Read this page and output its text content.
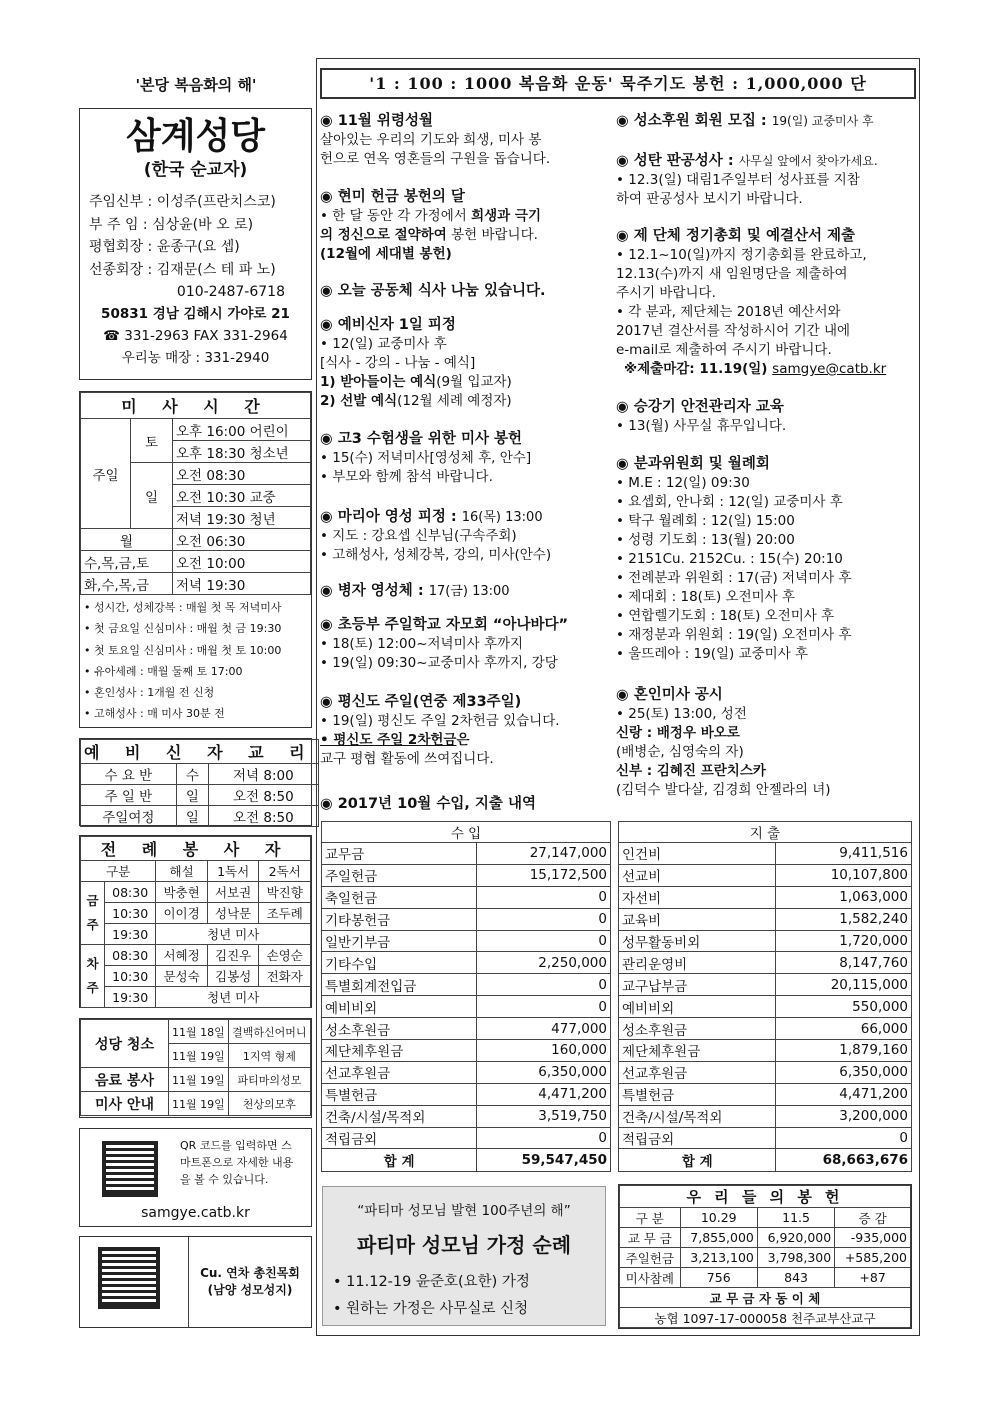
'본당 복음화의 해'
삼계성당
(한국 순교자)
주임신부 : 이성주(프란치스코)
부 주 임 : 심상윤(바 오 로)
평협회장 : 윤종구(요 셉)
선종회장 : 김재문(스 테 파 노)
010-2487-6718
50831 경남 김해시 가야로 21
☎ 331-2963 FAX 331-2964
우리농 매장 : 331-2940
미 사 시 간		
주일	토	오후 16:00 어린이
		오후 18:30 청소년
	일	오전 08:30
		오전 10:30 교중
		저녁 19:30 청년
월		오전 06:30
수,목,금,토		오전 10:00
화,수,목,금		저녁 19:30
• 성시간, 성체강복 : 매월 첫 목 저녁미사
• 첫 금요일 신심미사 : 매월 첫 금 19:30
• 첫 토요일 신심미사 : 매월 첫 토 10:00
• 유아세례 : 매월 둘째 토 17:00
• 혼인성사 : 1개월 전 신청
• 고해성사 : 매 미사 30분 전
예 비 신 자 교 리		
수 요 반	수	저녁 8:00
주 일 반	일	오전 8:50
주일여정	일	오전 8:50
전 례 봉 사 자				
구분		해설	1독서	2독서
금주	08:30	박충현	서보권	박진향
	10:30	이이경	성낙문	조두례
	19:30	청년 미사		
차주	08:30	서혜정	김진우	손영순
	10:30	문성숙	김봉성	전화자
	19:30	청년 미사		
성당 청소	11월 18일	결백하신어머니
	11월 19일	1지역 형제
음료 봉사	11월 19일	파티마의성모
미사 안내	11월 19일	천상의모후
QR 코드를 입력하면 스마트폰으로 자세한 내용을 볼 수 있습니다.
samgye.catb.kr
Cu. 연차 총친목회 (남양 성모성지)
'1 : 100 : 1000 복음화 운동' 묵주기도 봉헌 : 1,000,000 단
◉ 11월 위령성월
살아있는 우리의 기도와 희생, 미사 봉
헌으로 연옥 영혼들의 구원을 돕습니다.
◉ 현미 헌금 봉헌의 달
• 한 달 동안 각 가정에서 희생과 극기
의 정신으로 절약하여 봉헌 바랍니다.
(12월에 세대별 봉헌)
◉ 오늘 공동체 식사 나눔 있습니다.
◉ 예비신자 1일 피정
• 12(일) 교중미사 후
[식사 - 강의 - 나눔 - 예식]
1) 받아들이는 예식(9월 입교자)
2) 선발 예식(12월 세례 예정자)
◉ 고3 수험생을 위한 미사 봉헌
• 15(수) 저녁미사[영성체 후, 안수]
• 부모와 함께 참석 바랍니다.
◉ 마리아 영성 피정 : 16(목) 13:00
• 지도 : 강요셉 신부님(구속주회)
• 고해성사, 성체강복, 강의, 미사(안수)
◉ 병자 영성체 : 17(금) 13:00
◉ 초등부 주일학교 자모회 “아나바다”
• 18(토) 12:00~저녁미사 후까지
• 19(일) 09:30~교중미사 후까지, 강당
◉ 평신도 주일(연중 제33주일)
• 19(일) 평신도 주일 2차헌금 있습니다.
• 평신도 주일 2차헌금은
교구 평협 활동에 쓰여집니다.
◉ 2017년 10월 수입, 지출 내역
◉ 성소후원 회원 모집 : 19(일) 교중미사 후
◉ 성탄 판공성사 : 사무실 앞에서 찾아가세요.
• 12.3(일) 대림1주일부터 성사표를 지참
하여 판공성사 보시기 바랍니다.
◉ 제 단체 정기총회 및 예결산서 제출
• 12.1~10(일)까지 정기총회를 완료하고,
12.13(수)까지 새 임원명단을 제출하여
주시기 바랍니다.
• 각 분과, 제단체는 2018년 예산서와
2017년 결산서를 작성하시어 기간 내에
e-mail로 제출하여 주시기 바랍니다.
※제출마감: 11.19(일) samgye@catb.kr
◉ 승강기 안전관리자 교육
• 13(월) 사무실 휴무입니다.
◉ 분과위원회 및 월례회
• M.E : 12(일) 09:30
• 요셉회, 안나회 : 12(일) 교중미사 후
• 탁구 월례회 : 12(일) 15:00
• 성령 기도회 : 13(월) 20:00
• 2151Cu. 2152Cu. : 15(수) 20:10
• 전례분과 위원회 : 17(금) 저녁미사 후
• 제대회 : 18(토) 오전미사 후
• 연합렐기도회 : 18(토) 오전미사 후
• 재정분과 위원회 : 19(일) 오전미사 후
• 울뜨레아 : 19(일) 교중미사 후
◉ 혼인미사 공시
• 25(토) 13:00, 성전
신랑 : 배정우 바오로
(배병순, 심영숙의 자)
신부 : 김혜진 프란치스카
(김덕수 발다살, 김경희 안젤라의 녀)
수 입	
교무금	27,147,000
주일헌금	15,172,500
축일헌금	0
기타봉헌금	0
일반기부금	0
기타수입	2,250,000
특별회계전입금	0
예비비외	0
성소후원금	477,000
제단체후원금	160,000
선교후원금	6,350,000
특별헌금	4,471,200
건축/시설/목적외	3,519,750
적립금외	0
합 계	59,547,450
지 출	
인건비	9,411,516
선교비	10,107,800
자선비	1,063,000
교육비	1,582,240
성무활동비외	1,720,000
관리운영비	8,147,760
교구납부금	20,115,000
예비비외	550,000
성소후원금	66,000
제단체후원금	1,879,160
선교후원금	6,350,000
특별헌금	4,471,200
건축/시설/목적외	3,200,000
적립금외	0
합 계	68,663,676
“파티마 성모님 발현 100주년의 해”
파티마 성모님 가정 순례
• 11.12-19 윤준호(요한) 가정
• 원하는 가정은 사무실로 신청
우 리 들 의 봉 헌			
구 분	10.29	11.5	증 감
교 무 금	7,855,000	6,920,000	-935,000
주일헌금	3,213,100	3,798,300	+585,200
미사참례	756	843	+87
교 무 금 자 동 이 체			
농협 1097-17-000058 천주교부산교구			
